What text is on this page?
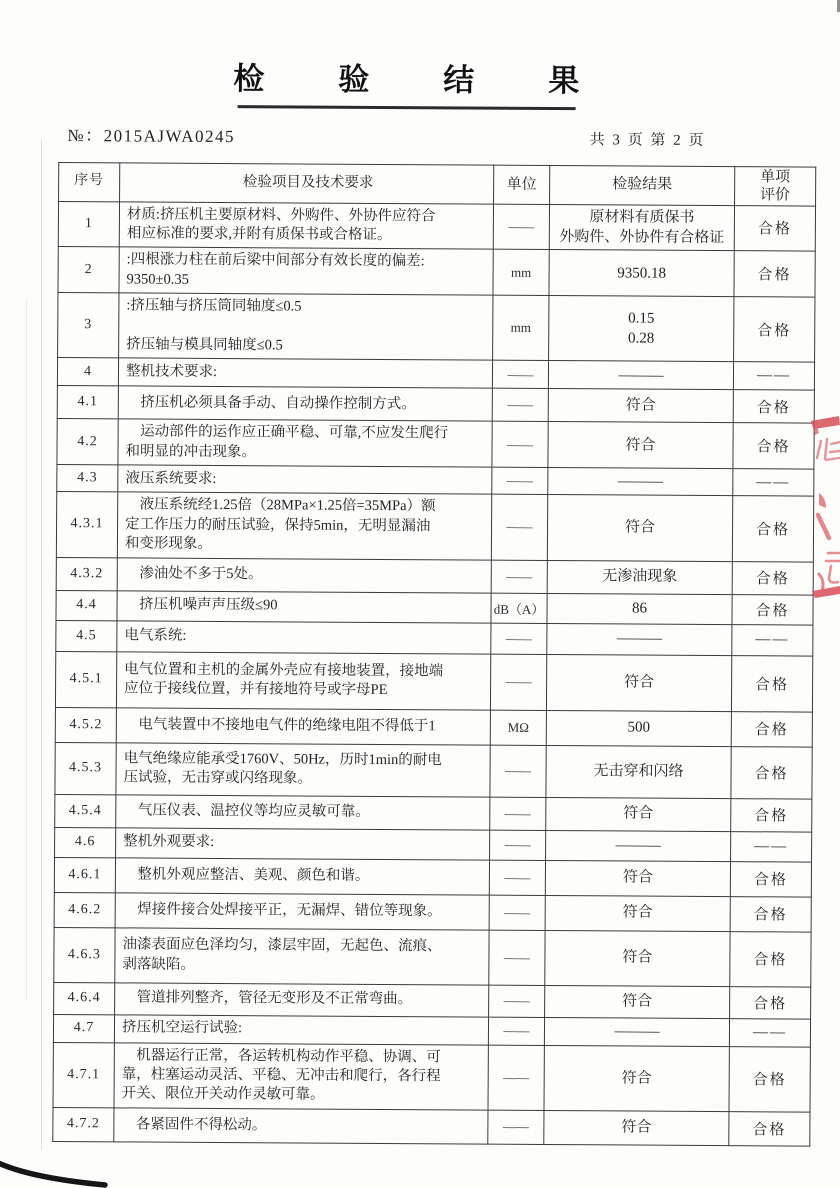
检验结果
№：2015AJWA0245	共 3 页 第 2 页
序号	检验项目及技术要求	单位	检验结果	单项
评价
1	材质:挤压机主要原材料、外购件、外协件应符合
相应标准的要求,并附有质保书或合格证。	——	原材料有质保书
外购件、外协件有合格证	合格
2	:四根涨力柱在前后梁中间部分有效长度的偏差:
9350±0.35	mm	9350.18	合格
3	:挤压轴与挤压筒同轴度≤0.5

挤压轴与模具同轴度≤0.5	mm	0.15
0.28	合格
4	整机技术要求:	——	———	——
4.1	　挤压机必须具备手动、自动操作控制方式。	——	符合	合格
4.2	　运动部件的运作应正确平稳、可靠,不应发生爬行
和明显的冲击现象。	——	符合	合格
4.3	液压系统要求:	——	———	——
4.3.1	　液压系统经1.25倍（28MPa×1.25倍=35MPa）额
定工作压力的耐压试验，保持5min，无明显漏油
和变形现象。	——	符合	合格
4.3.2	　渗油处不多于5处。	——	无渗油现象	合格
4.4	　挤压机噪声声压级≤90	dB（A）	86	合格
4.5	电气系统:	——	———	——
4.5.1	电气位置和主机的金属外壳应有接地装置，接地端
应位于接线位置，并有接地符号或字母PE	——	符合	合格
4.5.2	　电气装置中不接地电气件的绝缘电阻不得低于1	MΩ	500	合格
4.5.3	电气绝缘应能承受1760V、50Hz，历时1min的耐电
压试验，无击穿或闪络现象。	——	无击穿和闪络	合格
4.5.4	　气压仪表、温控仪等均应灵敏可靠。	——	符合	合格
4.6	整机外观要求:	——	———	——
4.6.1	　整机外观应整洁、美观、颜色和谐。	——	符合	合格
4.6.2	　焊接件接合处焊接平正，无漏焊、错位等现象。	——	符合	合格
4.6.3	油漆表面应色泽均匀，漆层牢固，无起色、流痕、
剥落缺陷。	——	符合	合格
4.6.4	　管道排列整齐，管径无变形及不正常弯曲。	——	符合	合格
4.7	挤压机空运行试验:	——	———	——
4.7.1	　机器运行正常，各运转机构动作平稳、协调、可
靠，柱塞运动灵活、平稳、无冲击和爬行，各行程
开关、限位开关动作灵敏可靠。	——	符合	合格
4.7.2	　各紧固件不得松动。	——	符合	合格
